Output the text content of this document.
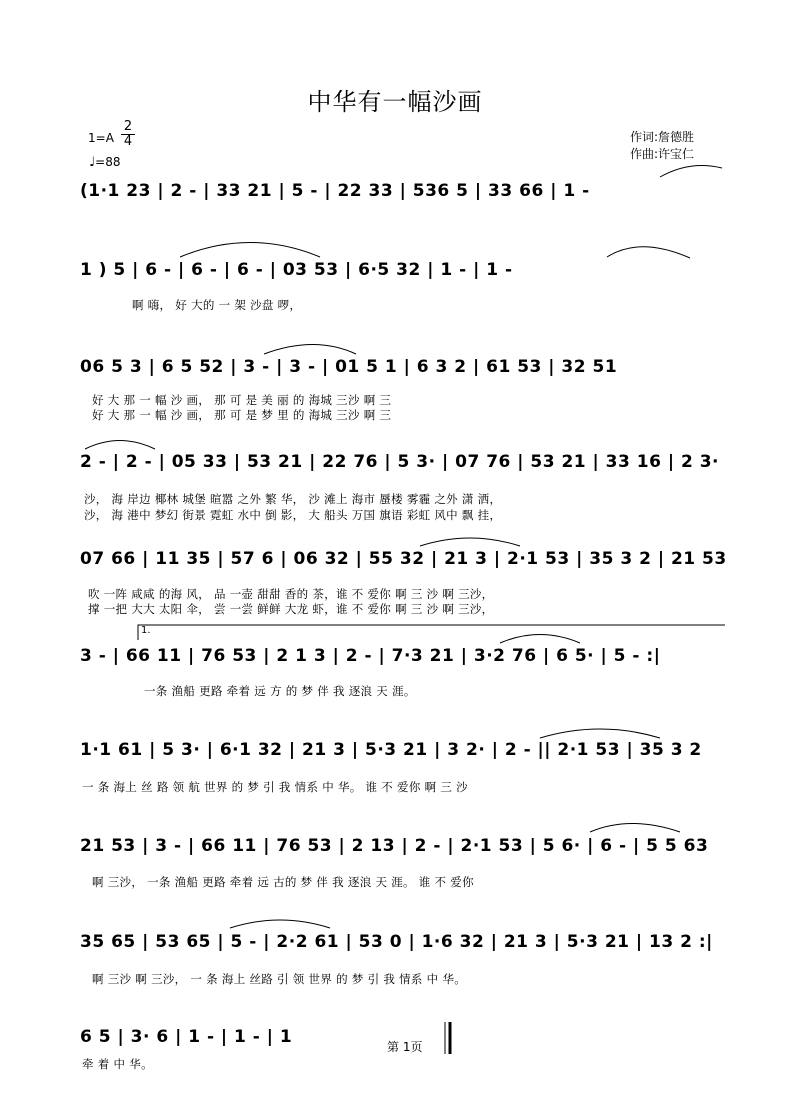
中华有一幅沙画
作词:詹德胜
作曲:许宝仁
1=A
2
4
♩=88
(1·1 23 | 2 - | 33 21 | 5 - | 22 33 | 536 5 | 33 66 | 1 -
1 ) 5 | 6 - | 6 - | 6 - | 03 53 | 6·5 32 | 1 - | 1 -
啊 嗨， 好 大的 一 架 沙盘 啰，
06 5 3 | 6 5 52 | 3 - | 3 - | 01 5 1 | 6 3 2 | 61 53 | 32 51
好 大 那 一 幅 沙 画， 那 可 是 美 丽 的 海城 三沙 啊 三
好 大 那 一 幅 沙 画， 那 可 是 梦 里 的 海城 三沙 啊 三
2 - | 2 - | 05 33 | 53 21 | 22 76 | 5 3· | 07 76 | 53 21 | 33 16 | 2 3·
沙， 海 岸边 椰林 城堡 暄嚣 之外 繁 华， 沙 滩上 海市 蜃楼 雾霾 之外 潇 洒，
沙， 海 港中 梦幻 街景 霓虹 水中 倒 影， 大 船头 万国 旗语 彩虹 风中 飘 挂，
07 66 | 11 35 | 57 6 | 06 32 | 55 32 | 21 3 | 2·1 53 | 35 3 2 | 21 53
吹 一阵 咸咸 的海 风， 品 一壶 甜甜 香的 茶，谁 不 爱你 啊 三 沙 啊 三沙，
撑 一把 大大 太阳 伞， 尝 一尝 鲜鲜 大龙 虾，谁 不 爱你 啊 三 沙 啊 三沙，
1.
3 - | 66 11 | 76 53 | 2 1 3 | 2 - | 7·3 21 | 3·2 76 | 6 5· | 5 - :|
一条 渔船 更路 牵着 远 方 的 梦 伴 我 逐浪 天 涯。
1·1 61 | 5 3· | 6·1 32 | 21 3 | 5·3 21 | 3 2· | 2 - || 2·1 53 | 35 3 2
一 条 海上 丝 路 领 航 世界 的 梦 引 我 情系 中 华。 谁 不 爱你 啊 三 沙
21 53 | 3 - | 66 11 | 76 53 | 2 13 | 2 - | 2·1 53 | 5 6· | 6 - | 5 5 63
啊 三沙， 一条 渔船 更路 牵着 远 古的 梦 伴 我 逐浪 天 涯。 谁 不 爱你
35 65 | 53 65 | 5 - | 2·2 61 | 53 0 | 1·6 32 | 21 3 | 5·3 21 | 13 2 :|
啊 三沙 啊 三沙， 一 条 海上 丝路 引 领 世界 的 梦 引 我 情系 中 华。
6 5 | 3· 6 | 1 - | 1 - | 1
牵 着 中 华。
第 1页
